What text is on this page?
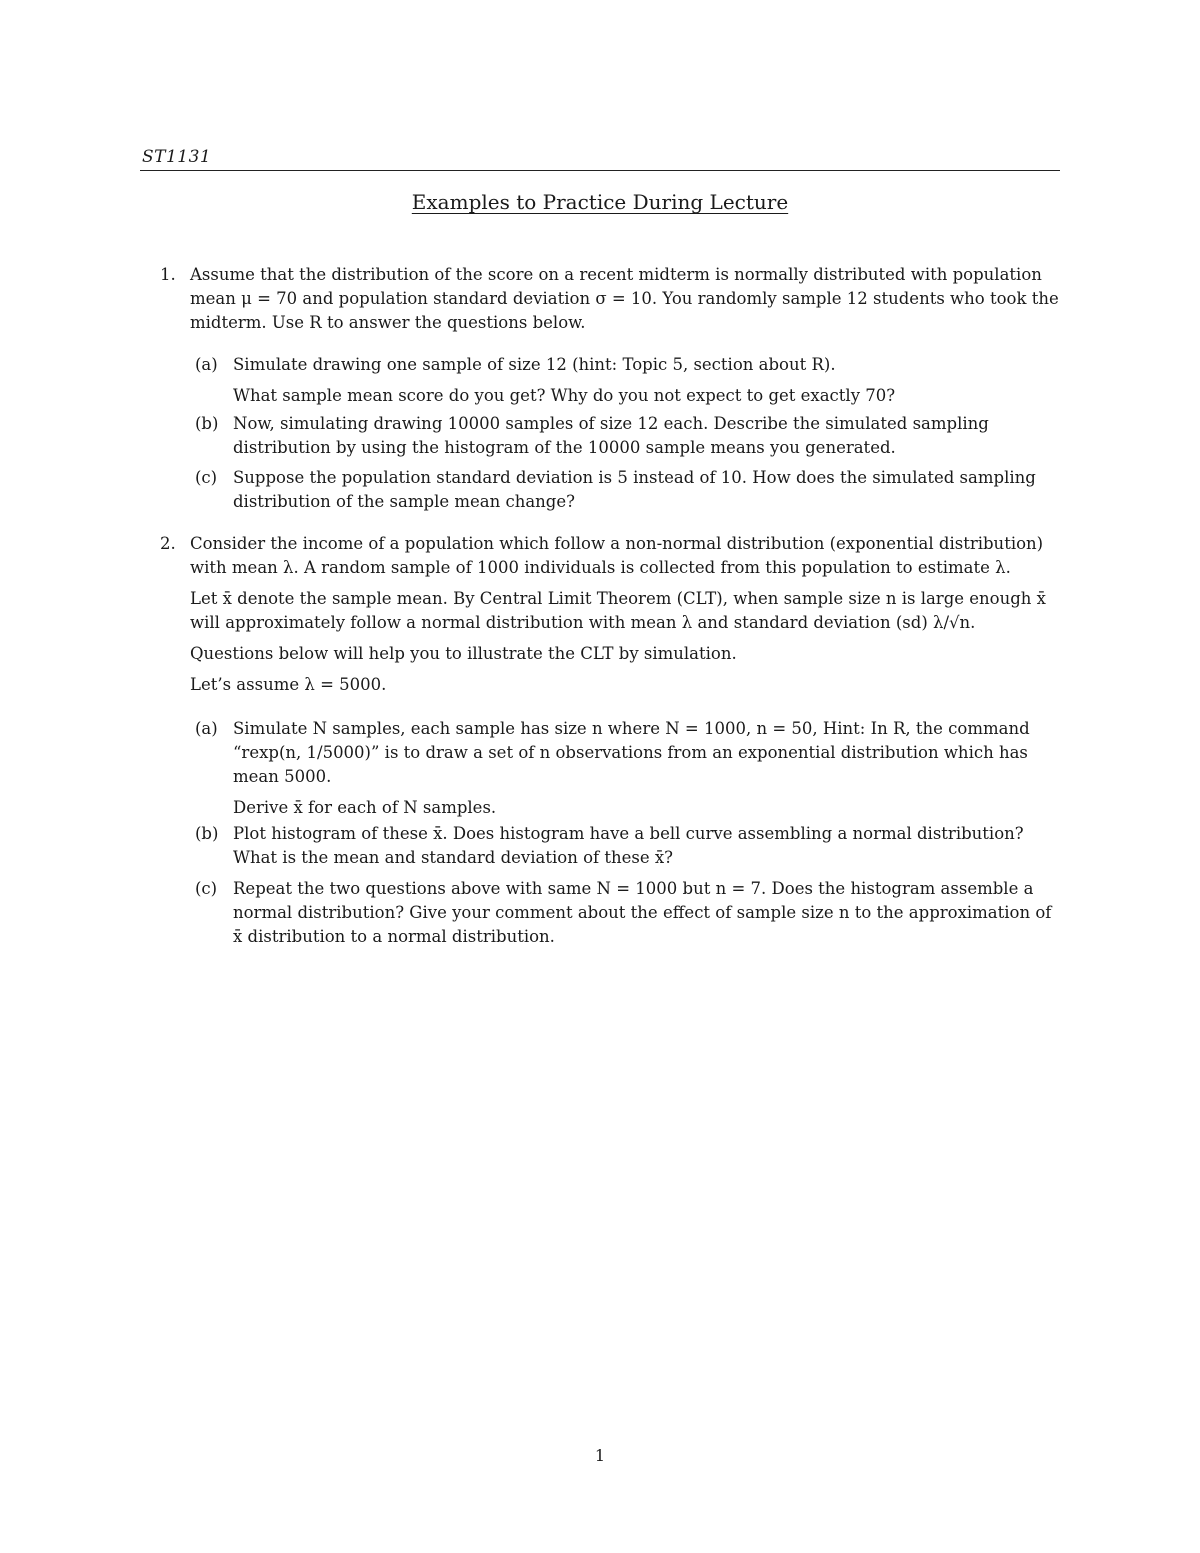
ST1131
Examples to Practice During Lecture
1. Assume that the distribution of the score on a recent midterm is normally distributed with population mean μ = 70 and population standard deviation σ = 10. You randomly sample 12 students who took the midterm. Use R to answer the questions below.

(a) Simulate drawing one sample of size 12 (hint: Topic 5, section about R).

What sample mean score do you get? Why do you not expect to get exactly 70?

(b) Now, simulating drawing 10000 samples of size 12 each. Describe the simulated sampling distribution by using the histogram of the 10000 sample means you generated.

(c) Suppose the population standard deviation is 5 instead of 10. How does the simulated sampling distribution of the sample mean change?

2. Consider the income of a population which follow a non-normal distribution (exponential distribution) with mean λ. A random sample of 1000 individuals is collected from this population to estimate λ.

Let x̄ denote the sample mean. By Central Limit Theorem (CLT), when sample size n is large enough x̄ will approximately follow a normal distribution with mean λ and standard deviation (sd) λ/√n.

Questions below will help you to illustrate the CLT by simulation.

Let’s assume λ = 5000.

(a) Simulate N samples, each sample has size n where N = 1000, n = 50, Hint: In R, the command “rexp(n, 1/5000)” is to draw a set of n observations from an exponential distribution which has mean 5000.

Derive x̄ for each of N samples.

(b) Plot histogram of these x̄. Does histogram have a bell curve assembling a normal distribution? What is the mean and standard deviation of these x̄?

(c) Repeat the two questions above with same N = 1000 but n = 7. Does the histogram assemble a normal distribution? Give your comment about the effect of sample size n to the approximation of x̄ distribution to a normal distribution.

1
